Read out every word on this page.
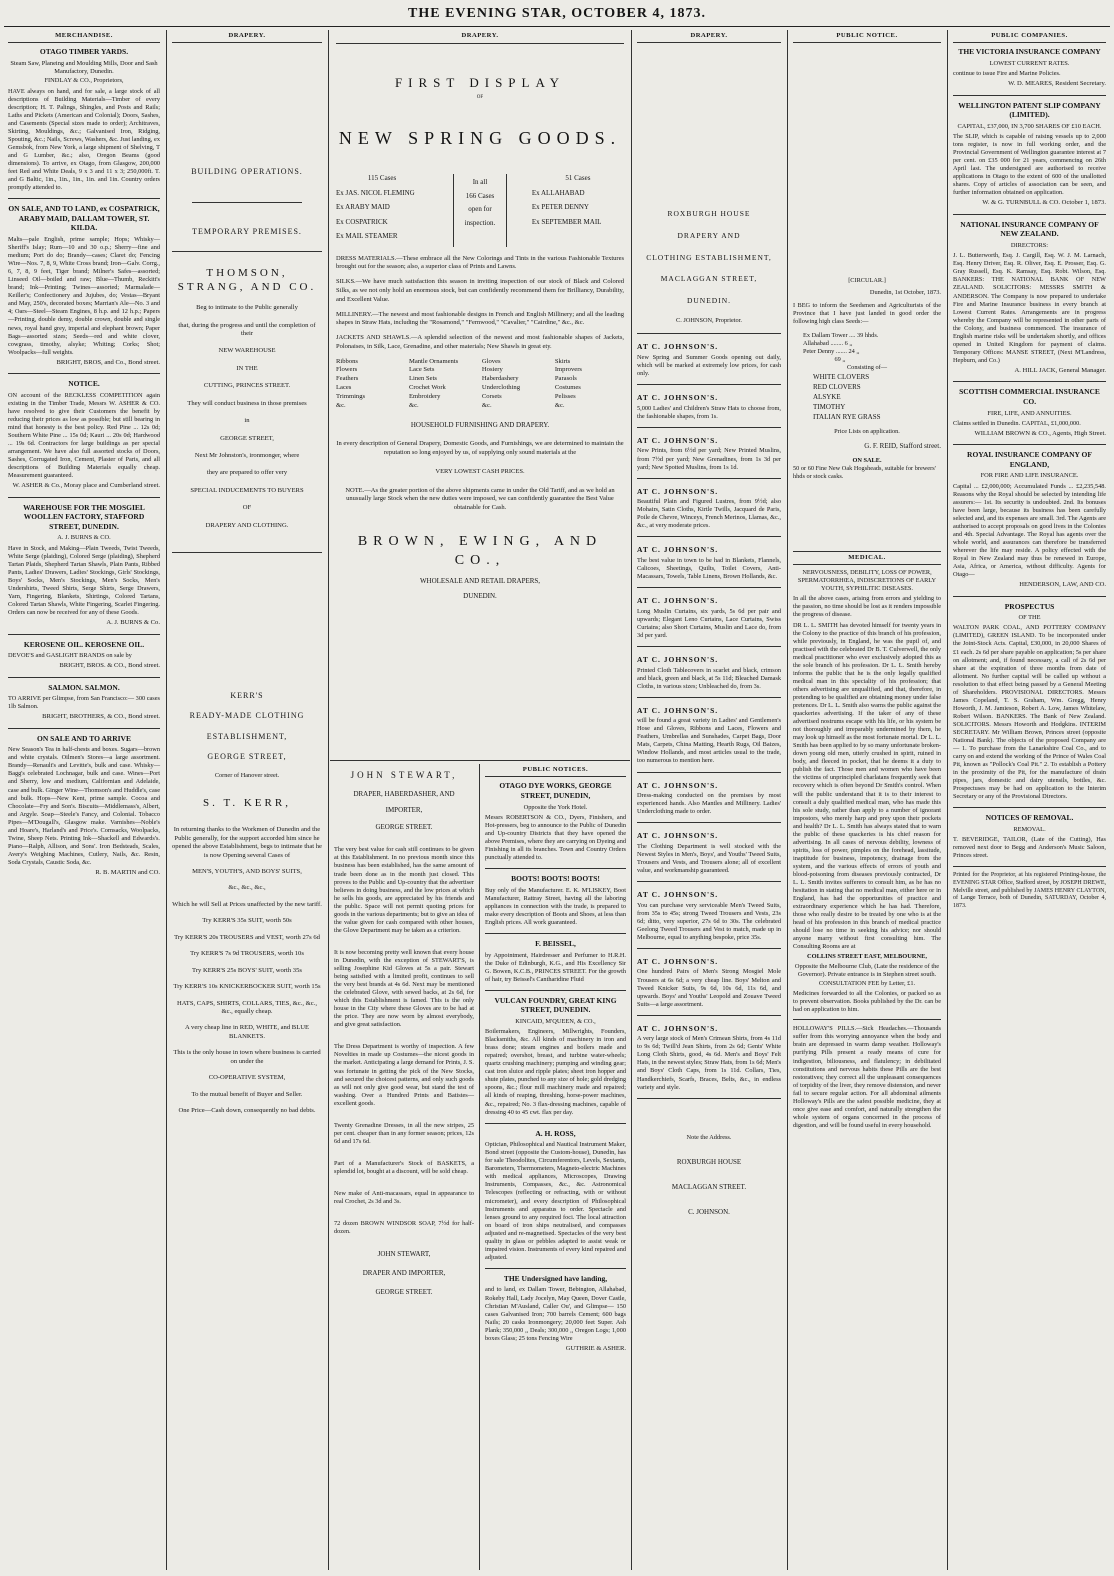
THE EVENING STAR, OCTOBER 4, 1873.
MERCHANDISE.
OTAGO TIMBER YARDS.
Steam Saw, Planeing and Moulding Mills, Door and Sash Manufactory, Dunedin.
FINDLAY & CO., Proprietors,
HAVE always on hand, and for sale, a large stock of all descriptions of Building Materials—Timber of every description; H. T. Palings, Shingles, and Posts and Rails; Laths and Pickets (American and Colonial); Doors, Sashes, and Casements (Special sizes made to order); Architraves, Skirting, Mouldings, &c.; Galvanised Iron, Ridging, Spouting, &c.; Nails, Screws, Washers, &c. Just landing, ex Gemsbok, from New York, a large shipment of Shelving, T and G Lumber, &c.; also, Oregon Beams (good dimensions). To arrive, ex Otago, from Glasgow, 200,000 feet Red and White Deals, 9 x 3 and 11 x 3; 250,000ft. T. and G Baltic, 1in., 1in., 1in., 1in. and 1in. Country orders promptly attended to.
ON SALE, AND TO LAND, ex COSPATRICK, ARABY MAID, DALLAM TOWER, ST. KILDA.
Malts—pale English, prime sample; Hops; Whisky—Sheriff's Islay; Rum—10 and 30 o.p.; Sherry—fine and medium; Port do do; Brandy—cases; Claret do; Fencing Wire—Nos. 7, 8, 9, White Cross brand; Iron—Galv. Corrg., 6, 7, 8, 9 feet, Tiger brand; Milner's Safes—assorted; Linseed Oil—boiled and raw; Blue—Thumb, Reckitt's brand; Ink—Printing; Twines—assorted; Marmalade—Keiller's; Confectionery and Jujubes, do; Vestas—Bryant and May, 250's, decorated boxes; Marrian's Ale—No. 3 and 4; Oars—Steel—Steam Engines, 8 h.p. and 12 h.p.; Papers—Printing, double demy, double crown, double and single news, royal hand grey, imperial and elephant brown; Paper Bags—assorted sizes; Seeds—red and white clover, cowgrass, timothy, alsyke; Whiting; Corks; Shot; Woolpacks—full weights.
BRIGHT, BROS, and Co., Bond street.
NOTICE.
ON account of the RECKLESS COMPETITION again existing in the Timber Trade, Messrs W. ASHER & CO. have resolved to give their Customers the benefit by reducing their prices as low as possible; but still bearing in mind that honesty is the best policy. Red Pine ... 12s 0d; Southern White Pine ... 15s 0d; Kauri ... 20s 0d; Hardwood ... 19s 6d. Contractors for large buildings as per special arrangement. We have also full assorted stocks of Doors, Sashes, Corrugated Iron, Cement, Plaster of Paris, and all descriptions of Building Materials equally cheap. Measurement guaranteed.
W. ASHER & Co., Moray place and Cumberland street.
WAREHOUSE FOR THE MOSGIEL WOOLLEN FACTORY, STAFFORD STREET, DUNEDIN.
A. J. BURNS & CO.
Have in Stock, and Making—Plain Tweeds, Twist Tweeds, White Serge (plaiding), Colored Serge (plaiding), Shepherd Tartan Plaids, Shepherd Tartan Shawls, Plain Pants, Ribbed Pants, Ladies' Drawers, Ladies' Stockings, Girls' Stockings, Boys' Socks, Men's Stockings, Men's Socks, Men's Undershirts, Tweed Shirts, Serge Shirts, Serge Drawers, Yarn, Fingering, Blankets, Shirtings, Colored Tartans, Colored Tartan Shawls, White Fingering, Scarlet Fingering. Orders can now be received for any of these Goods.
A. J. BURNS & Co.
KEROSENE OIL. KEROSENE OIL.
DEVOE'S and GASLIGHT BRANDS on sale by
BRIGHT, BROS. & CO., Bond street.
SALMON. SALMON.
TO ARRIVE per Glimpse, from San Francisco:— 300 cases 1lb Salmon.
BRIGHT, BROTHERS, & CO., Bond street.
ON SALE AND TO ARRIVE
New Season's Tea in half-chests and boxes. Sugars—brown and white crystals. Oilmen's Stores—a large assortment. Brandy—Renault's and Levitte's, bulk and case. Whisky—Bagg's celebrated Lochnagar, bulk and case. Wines—Port and Sherry, low and medium, Californian and Adelaide, case and bulk. Ginger Wine—Thomson's and Huddle's, case and bulk. Hops—New Kent, prime sample. Cocoa and Chocolate—Fry and Son's. Biscuits—Middlemass's, Albert, and Argyle. Soap—Steele's Fancy, and Colonial. Tobacco Pipes—M'Dougall's, Glasgow make. Varnishes—Noble's and Hoare's, Harland's and Price's. Cornsacks, Woolpacks, Twine, Sheep Nets. Printing Ink—Shackell and Edwards's. Piano—Ralph, Allison, and Sons'. Iron Bedsteads, Scales, Avery's Weighing Machines, Cutlery, Nails, &c. Resin, Soda Crystals, Caustic Soda, &c.
R. B. MARTIN and CO.
DRAPERY.
BUILDING OPERATIONS.
TEMPORARY PREMISES.
THOMSON, STRANG, AND CO.
Beg to intimate to the Public generally
that, during the progress and until the completion of their
NEW WAREHOUSE
IN THE
CUTTING, PRINCES STREET.
They will conduct business in those premises
in
GEORGE STREET,
Next Mr Johnston's, ironmonger, where
they are prepared to offer very
SPECIAL INDUCEMENTS TO BUYERS
OF
DRAPERY AND CLOTHING.
KERR'S
READY-MADE CLOTHING
ESTABLISHMENT,
GEORGE STREET,
Corner of Hanover street.
S. T. KERR,
In returning thanks to the Workmen of Dunedin and the Public generally, for the support accorded him since he opened the above Establishment, begs to intimate that he is now Opening several Cases of
MEN'S, YOUTH'S, AND BOYS' SUITS,
&c., &c., &c.,
Which he will Sell at Prices unaffected by the new tariff.
Try KERR'S 35s SUIT, worth 50s
Try KERR'S 20s TROUSERS and VEST, worth 27s 6d
Try KERR'S 7s 9d TROUSERS, worth 10s
Try KERR'S 25s BOYS' SUIT, worth 35s
Try KERR'S 10s KNICKERBOCKER SUIT, worth 15s
HATS, CAPS, SHIRTS, COLLARS, TIES, &c., &c., &c., equally cheap.
A very cheap line in RED, WHITE, and BLUE BLANKETS.
This is the only house in town where business is carried on under the
CO-OPERATIVE SYSTEM,
To the mutual benefit of Buyer and Seller.
One Price—Cash down, consequently no bad debts.
DRAPERY.
FIRST DISPLAY
OF
NEW SPRING GOODS.
115 Cases
Ex JAS. NICOL FLEMING
Ex ARABY MAID
Ex COSPATRICK
Ex MAIL STEAMER
In all
166 Cases
open for
inspection.
51 Cases
Ex ALLAHABAD
Ex PETER DENNY
Ex SEPTEMBER MAIL
DRESS MATERIALS.—These embrace all the New Colorings and Tints in the various Fashionable Textures brought out for the season; also, a superior class of Prints and Lawns.
SILKS.—We have much satisfaction this season in inviting inspection of our stock of Black and Colored Silks, as we not only hold an enormous stock, but can confidently recommend them for Brilliancy, Durability, and Excellent Value.
MILLINERY.—The newest and most fashionable designs in French and English Millinery; and all the leading shapes in Straw Hats, including the "Rosamond," "Fernwood," "Cavalier," "Cairdine," &c., &c.
JACKETS AND SHAWLS.—A splendid selection of the newest and most fashionable shapes of Jackets, Polonaises, in Silk, Lace, Grenadine, and other materials; New Shawls in great ety.
Ribbons
Flowers
Feathers
Laces
Trimmings
&c.
Mantle Ornaments
Lace Sets
Linen Sets
Crochet Work
Embroidery
&c.
Gloves
Hosiery
Haberdashery
Underclothing
Corsets
&c.
Skirts
Improvers
Parasols
Costumes
Pelisses
&c.
HOUSEHOLD FURNISHING AND DRAPERY.
In every description of General Drapery, Domestic Goods, and Furnishings, we are determined to maintain the reputation so long enjoyed by us, of supplying only sound materials at the
VERY LOWEST CASH PRICES.
NOTE.—As the greater portion of the above shipments came in under the Old Tariff, and as we hold an unusually large Stock when the new duties were imposed, we can confidently guarantee the Best Value obtainable for Cash.
BROWN, EWING, AND CO.,
WHOLESALE AND RETAIL DRAPERS,
DUNEDIN.
JOHN STEWART,
DRAPER, HABERDASHER, AND
IMPORTER,
GEORGE STREET.
The very best value for cash still continues to be given at this Establishment. In no previous month since this business has been established, has the same amount of trade been done as in the month just closed. This proves to the Public and Up-country that the advertiser believes in doing business, and the low prices at which he sells his goods, are appreciated by his friends and the public. Space will not permit quoting prices for goods in the various departments; but to give an idea of the value given for cash compared with other houses, the Glove Department may be taken as a criterion.
It is now becoming pretty well known that every house in Dunedin, with the exception of STEWART'S, is selling Josephine Kid Gloves at 5s a pair. Stewart being satisfied with a limited profit, continues to sell the very best brands at 4s 6d. Next may be mentioned the celebrated Glove, with sewed backs, at 2s 6d, for which this Establishment is famed. This is the only house in the City where these Gloves are to be had at the price. They are now worn by almost everybody, and give great satisfaction.
The Dress Department is worthy of inspection. A few Novelties in made up Costumes—the nicest goods in the market. Anticipating a large demand for Prints, J. S. was fortunate in getting the pick of the New Stocks, and secured the choicest patterns, and only such goods as will not only give good wear, but stand the test of washing. Over a Hundred Prints and Batistes—excellent goods.
Twenty Grenadine Dresses, in all the new stripes, 25 per cent. cheaper than in any former season; prices, 12s 6d and 17s 6d.
Part of a Manufacturer's Stock of BASKETS, a splendid lot, bought at a discount, will be sold cheap.
New make of Anti-macassars, equal in appearance to real Crochet, 2s 3d and 3s.
72 dozen BROWN WINDSOR SOAP, 7½d for half-dozen.
JOHN STEWART,
DRAPER AND IMPORTER,
GEORGE STREET.
PUBLIC NOTICES.
OTAGO DYE WORKS, GEORGE STREET, DUNEDIN,
Opposite the York Hotel.
Messrs ROBERTSON & CO., Dyers, Finishers, and Hot-pressers, beg to announce to the Public of Dunedin and Up-country Districts that they have opened the above Premises, where they are carrying on Dyeing and Finishing in all its branches. Town and Country Orders punctually attended to.
BOOTS! BOOTS! BOOTS!
Buy only of the Manufacturer. E. K. M'LISKEY, Boot Manufacturer, Rattray Street, having all the laboring appliances in connection with the trade, is prepared to make every description of Boots and Shoes, at less than English prices. All work guaranteed.
F. BEISSEL,
by Appointment, Hairdresser and Perfumer to H.R.H. the Duke of Edinburgh, K.G., and His Excellency Sir G. Bowen, K.C.B., PRINCES STREET. For the growth of hair, try Beissel's Cantharidine Fluid
VULCAN FOUNDRY, GREAT KING STREET, DUNEDIN.
KINCAID, M'QUEEN, & CO.,
Boilermakers, Engineers, Millwrights, Founders, Blacksmiths, &c. All kinds of machinery in iron and brass done; steam engines and boilers made and repaired; overshot, breast, and turbine water-wheels; quartz crushing machinery; pumping and winding gear; cast iron sluice and ripple plates; sheet iron hopper and shute plates, punched to any size of hole; gold dredging spoons, &c.; flour mill machinery made and repaired; all kinds of reaping, threshing, horse-power machines, &c., repaired; No. 3 flax-dressing machines, capable of dressing 40 to 45 cwt. flax per day.
A. H. ROSS,
Optician, Philosophical and Nautical Instrument Maker, Bond street (opposite the Custom-house), Dunedin, has for sale Theodolites, Circumferentors, Levels, Sextants, Barometers, Thermometers, Magneto-electric Machines with medical appliances, Microscopes, Drawing Instruments, Compasses, &c., &c. Astronomical Telescopes (reflecting or refracting, with or without micrometer), and every description of Philosophical Instruments and apparatus to order. Spectacle and lenses ground to any required foci. The local attraction on board of iron ships neutralised, and compasses adjusted and re-magnetised. Spectacles of the very best quality in glass or pebbles adapted to assist weak or impaired vision. Instruments of every kind repaired and adjusted.
THE Undersigned have landing,
and to land, ex Dallam Tower, Bebington, Allahabad, Rokeby Hall, Lady Jocelyn, May Queen, Dover Castle, Christian M'Ausland, Caller Ou', and Glimpse— 150 cases Galvanised Iron; 700 barrels Cement; 600 bags Nails; 20 casks Ironmongery; 20,000 feet Super. Ash Plank; 350,000 ,, Deals; 300,000 ,, Oregon Logs; 1,000 boxes Glass; 25 tons Fencing Wire
GUTHRIE & ASHER.
DRAPERY.
ROXBURGH HOUSE
DRAPERY AND
CLOTHING ESTABLISHMENT,
MACLAGGAN STREET,
DUNEDIN.
C. JOHNSON, Proprietor.
AT C. JOHNSON'S.
New Spring and Summer Goods opening out daily, which will be marked at extremely low prices, for cash only.
AT C. JOHNSON'S.
5,000 Ladies' and Children's Straw Hats to choose from, the fashionable shapes, from 1s.
AT C. JOHNSON'S.
New Prints, from 6½d per yard; New Printed Muslins, from 7½d per yard; New Grenadines, from 1s 3d per yard; New Spotted Muslins, from 1s 1d.
AT C. JOHNSON'S.
Beautiful Plain and Figured Lustres, from 9½d; also Mohairs, Satin Cloths, Kirtle Twills, Jacquard de Paris, Poile de Chevre, Winceys, French Merinos, Llamas, &c., &c., at very moderate prices.
AT C. JOHNSON'S.
The best value in town to be had in Blankets, Flannels, Calicoes, Sheetings, Quilts, Toilet Covers, Anti-Macassars, Towels, Table Linens, Brown Hollands, &c.
AT C. JOHNSON'S.
Long Muslin Curtains, six yards, 5s 6d per pair and upwards; Elegant Leno Curtains, Lace Curtains, Swiss Curtains; also Short Curtains, Muslin and Lace do, from 3d per yard.
AT C. JOHNSON'S.
Printed Cloth Tablecovers in scarlet and black, crimson and black, green and black, at 5s 11d; Bleached Damask Cloths, in various sizes; Unbleached do, from 3s.
AT C. JOHNSON'S.
will be found a great variety in Ladies' and Gentlemen's Hose and Gloves, Ribbons and Laces, Flowers and Feathers, Umbrellas and Sunshades, Carpet Bags, Door Mats, Carpets, China Matting, Hearth Rugs, Oil Baizes, Window Hollands, and most articles usual to the trade, too numerous to mention here.
AT C. JOHNSON'S.
Dress-making conducted on the premises by most experienced hands. Also Mantles and Millinery. Ladies' Underclothing made to order.
AT C. JOHNSON'S.
The Clothing Department is well stocked with the Newest Styles in Men's, Boys', and Youths' Tweed Suits, Trousers and Vests, and Trousers alone; all of excellent value, and workmanship guaranteed.
AT C. JOHNSON'S.
You can purchase very serviceable Men's Tweed Suits, from 35s to 45s; strong Tweed Trousers and Vests, 23s 6d; ditto, very superior, 27s 6d to 30s. The celebrated Geelong Tweed Trousers and Vest to match, made up in Melbourne, equal to anything bespoke, price 35s.
AT C. JOHNSON'S.
One hundred Pairs of Men's Strong Mosgiel Mole Trousers at 6s 6d; a very cheap line. Boys' Melton and Tweed Knicker Suits, 9s 6d, 10s 6d, 11s 6d, and upwards. Boys' and Youths' Leopold and Zouave Tweed Suits—a large assortment.
AT C. JOHNSON'S.
A very large stock of Men's Crimean Shirts, from 4s 11d to 9s 6d; Twill'd Jean Shirts, from 2s 6d; Gents' White Long Cloth Shirts, good, 4s 6d. Men's and Boys' Felt Hats, in the newest styles; Straw Hats, from 1s 6d; Men's and Boys' Cloth Caps, from 1s 11d. Collars, Ties, Handkerchiefs, Scarfs, Braces, Belts, &c., in endless variety and style.
Note the Address.
ROXBURGH HOUSE
MACLAGGAN STREET.
C. JOHNSON.
PUBLIC NOTICE.
[CIRCULAR.]
Dunedin, 1st October, 1873.
I BEG to inform the Seedsmen and Agriculturists of the Province that I have just landed in good order the following high class Seeds:—
Ex Dallam Tower .... 39 hhds.
Allahabad ........ 6 ,,
Peter Denny ....... 24 ,,
69 ,,
Consisting of—
WHITE CLOVERS
RED CLOVERS
ALSYKE
TIMOTHY
ITALIAN RYE GRASS
Price Lists on application.
G. F. REID, Stafford street.
ON SALE.
50 or 60 Fine New Oak Hogsheads, suitable for brewers' hhds or stock casks.
MEDICAL.
NERVOUSNESS, DEBILITY, LOSS OF POWER, SPERMATORRHŒA, INDISCRETIONS OF EARLY YOUTH, SYPHILITIC DISEASES.
In all the above cases, arising from errors and yielding to the passion, no time should be lost as it renders impossible the progress of disease.
DR L. L. SMITH has devoted himself for twenty years in the Colony to the practice of this branch of his profession, while previously, in England, he was the pupil of, and practised with the celebrated Dr B. T. Culverwell, the only medical practitioner who ever exclusively adopted this as the sole branch of his profession. Dr L. L. Smith hereby informs the public that he is the only legally qualified medical man in this speciality of his profession; that others advertising are unqualified, and that, therefore, in pretending to be qualified are obtaining money under false pretences. Dr L. L. Smith also warns the public against the quackeries advertising. If the taker of any of these advertised nostrums escape with his life, or his system be not thoroughly and irreparably undermined by them, he may look up himself as the most fortunate mortal. Dr L. L. Smith has been applied to by so many unfortunate broken-down young old men, utterly crushed in spirit, ruined in body, and fleeced in pocket, that he deems it a duty to publish the fact. Those men and women who have been the victims of unprincipled charlatans frequently seek that recovery which is often beyond Dr Smith's control. When will the public understand that it is to their interest to consult a duly qualified medical man, who has made this his sole study, rather than apply to a number of ignorant impostors, who merely harp and prey upon their pockets and health? Dr L. L. Smith has always stated that to warn the public of these quackeries is his chief reason for advertising. In all cases of nervous debility, lowness of spirits, loss of power, pimples on the forehead, lassitude, inaptitude for business, impotency, drainage from the system, and the various effects of errors of youth and blood-poisoning from diseases previously contracted, Dr L. L. Smith invites sufferers to consult him, as he has no hesitation in stating that no medical man, either here or in England, has had the opportunities of practice and extraordinary experience which he has had. Therefore, those who really desire to be treated by one who is at the head of his profession in this branch of medical practice should lose no time in seeking his advice; nor should anyone marry without first consulting him. The Consulting Rooms are at
COLLINS STREET EAST, MELBOURNE,
Opposite the Melbourne Club, (Late the residence of the Governor). Private entrance is in Stephen street south.
CONSULTATION FEE by Letter, £1.
Medicines forwarded to all the Colonies, or packed so as to prevent observation. Books published by the Dr. can be had on application to him.
HOLLOWAY'S PILLS.—Sick Headaches.—Thousands suffer from this worrying annoyance when the body and brain are depressed in warm damp weather. Holloway's purifying Pills present a ready means of cure for indigestion, biliousness, and flatulency; in debilitated constitutions and nervous habits these Pills are the best restoratives; they correct all the unpleasant consequences of torpidity of the liver, they remove distension, and never fail to secure regular action. For all abdominal ailments Holloway's Pills are the safest possible medicine, they at once give ease and comfort, and naturally strengthen the whole system of organs concerned in the process of digestion, and will be found useful in every household.
PUBLIC COMPANIES.
THE VICTORIA INSURANCE COMPANY
LOWEST CURRENT RATES.
continue to issue Fire and Marine Policies.
W. D. MEARES, Resident Secretary.
WELLINGTON PATENT SLIP COMPANY (LIMITED).
CAPITAL, £37,000, IN 3,700 SHARES OF £10 EACH.
The SLIP, which is capable of raising vessels up to 2,000 tons register, is now in full working order, and the Provincial Government of Wellington guarantee interest at 7 per cent. on £35 000 for 21 years, commencing on 26th April last. The undersigned are authorised to receive applications in Otago to the extent of 600 of the unallotted shares. Copy of articles of association can be seen, and further information obtained on application.
W. & G. TURNBULL & CO. October 1, 1873.
NATIONAL INSURANCE COMPANY OF NEW ZEALAND.
DIRECTORS:
J. L. Butterworth, Esq. J. Cargill, Esq. W. J. M. Larnach, Esq. Henry Driver, Esq. R. Oliver, Esq. E. Prosser, Esq. G. Gray Russell, Esq. K. Ramsay, Esq. Robt. Wilson, Esq. BANKERS: THE NATIONAL BANK OF NEW ZEALAND. SOLICITORS: MESSRS SMITH & ANDERSON. The Company is now prepared to undertake Fire and Marine Insurance business in every branch at Lowest Current Rates. Arrangements are in progress whereby the Company will be represented in other parts of the Colony, and business commenced. The insurance of English marine risks will be undertaken shortly, and offices opened in United Kingdom for payment of claims. Temporary Offices: MANSE STREET, (Next M'Landress, Hepburn, and Co.)
A. HILL JACK, General Manager.
SCOTTISH COMMERCIAL INSURANCE CO.
FIRE, LIFE, AND ANNUITIES.
Claims settled in Dunedin. CAPITAL, £1,000,000.
WILLIAM BROWN & CO., Agents, High Street.
ROYAL INSURANCE COMPANY OF ENGLAND,
FOR FIRE AND LIFE INSURANCE.
Capital ... £2,000,000; Accumulated Funds ... £2,235,548. Reasons why the Royal should be selected by intending life assurers:— 1st. Its security is undoubted. 2nd. Its bonuses have been large, because its business has been carefully selected and, and its expenses are small. 3rd. The Agents are authorised to accept proposals on good lives in the Colonies and 4th. Special Advantage. The Royal has agents over the whole world, and assurances can therefore be transferred wherever the life may reside. A policy effected with the Royal in New Zealand may thus be renewed in Europe, Asia, Africa, or America, without difficulty. Agents for Otago—
HENDERSON, LAW, AND CO.
PROSPECTUS
OF THE
WALTON PARK COAL, AND POTTERY COMPANY (LIMITED), GREEN ISLAND. To be incorporated under the Joint-Stock Acts. Capital, £30,000, in 20,000 Shares of £1 each. 2s 6d per share payable on application; 5s per share on allotment; and, if found necessary, a call of 2s 6d per share at the expiration of three months from date of allotment. No further capital will be called up without a resolution to that effect being passed by a General Meeting of Shareholders. PROVISIONAL DIRECTORS. Messrs James Copeland, T. S. Graham, Wm. Gregg, Henry Howorth, J. M. Jamieson, Robert A. Low, James Whitelaw, Robert Wilson. BANKERS. The Bank of New Zealand. SOLICITORS. Messrs Howorth and Hodgkins. INTERIM SECRETARY. Mr William Brown, Princes street (opposite National Bank). The objects of the proposed Company are— 1. To purchase from the Lanarkshire Coal Co., and to carry on and extend the working of the Prince of Wales Coal Pit, known as "Pollock's Coal Pit." 2. To establish a Pottery in the proximity of the Pit, for the manufacture of drain pipes, jars, domestic and dairy utensils, bottles, &c. Prospectuses may be had on application to the Interim Secretary or any of the Provisional Directors.
NOTICES OF REMOVAL.
REMOVAL.
T. BEVERIDGE, TAILOR, (Late of the Cutting), Has removed next door to Begg and Anderson's Music Saloon, Princes street.
Printed for the Proprietor, at his registered Printing-house, the EVENING STAR Office, Stafford street, by JOSEPH DREWE, Melville street, and published by JAMES HENRY CLAYTON, of Lange Terrace, both of Dunedin, SATURDAY, October 4, 1873.
